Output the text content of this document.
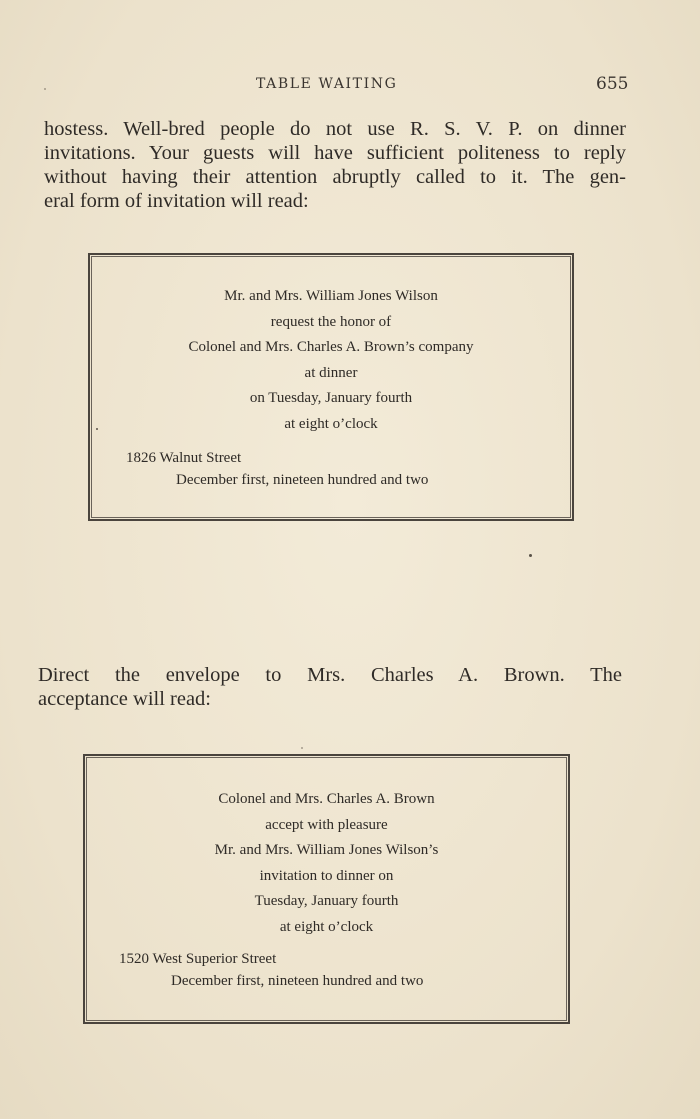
TABLE WAITING	655
hostess. Well-bred people do not use R. S. V. P. on dinner
invitations. Your guests will have sufficient politeness to reply
without having their attention abruptly called to it. The gen-
eral form of invitation will read:
Mr. and Mrs. William Jones Wilson
request the honor of
Colonel and Mrs. Charles A. Brown’s company
at dinner
on Tuesday, January fourth
at eight o’clock
1826 Walnut Street
December first, nineteen hundred and two
Direct the envelope to Mrs. Charles A. Brown. The
acceptance will read:
Colonel and Mrs. Charles A. Brown
accept with pleasure
Mr. and Mrs. William Jones Wilson’s
invitation to dinner on
Tuesday, January fourth
at eight o’clock
1520 West Superior Street
December first, nineteen hundred and two
